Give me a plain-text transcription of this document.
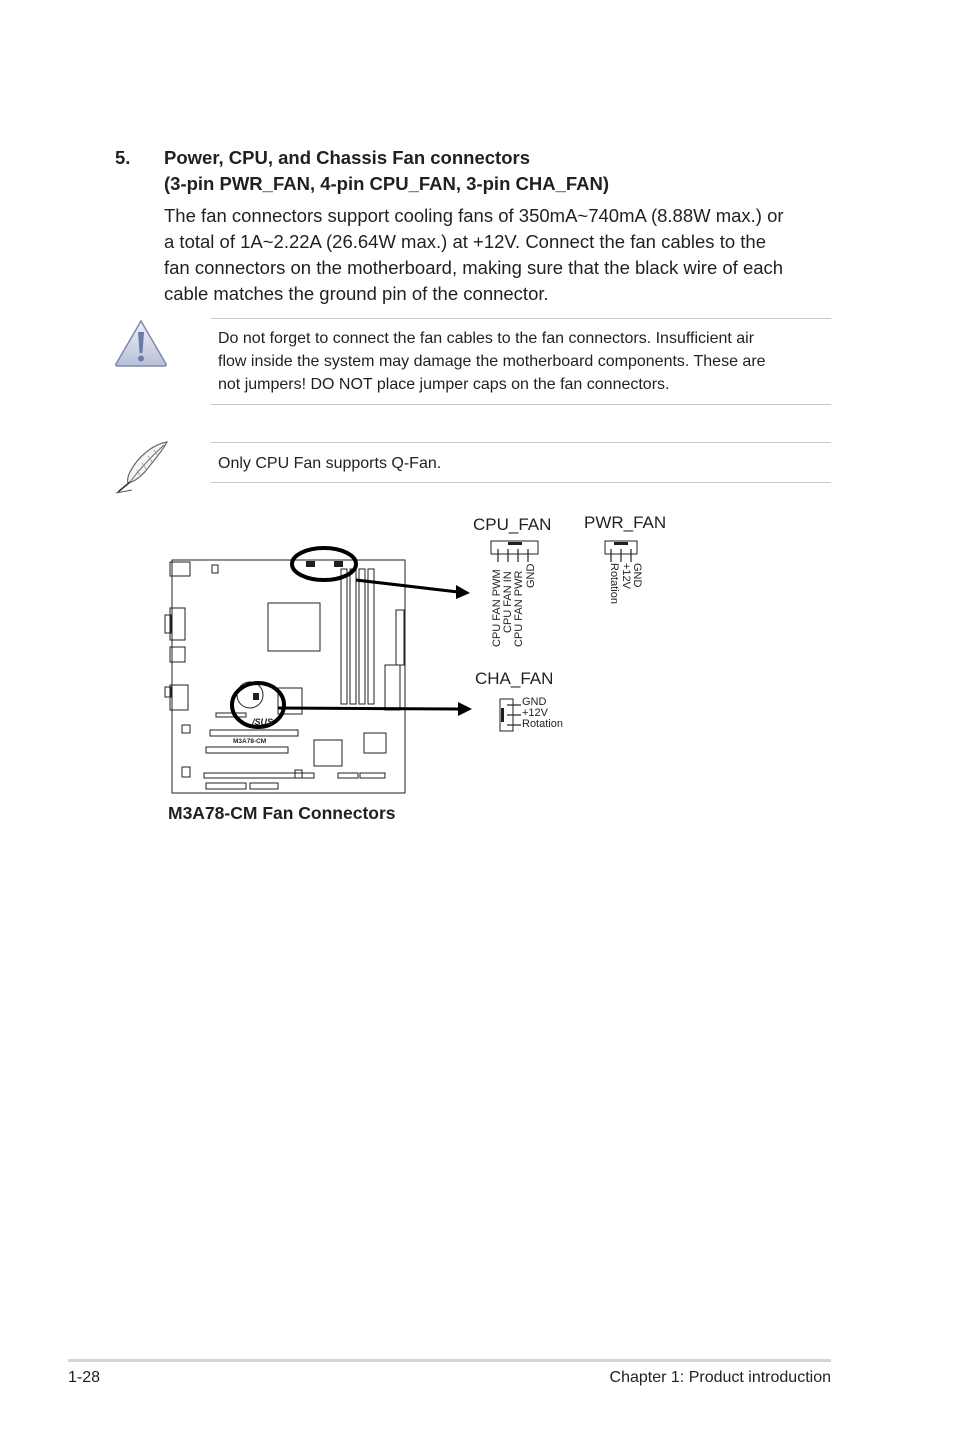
5. Power, CPU, and Chassis Fan connectors
(3-pin PWR_FAN, 4-pin CPU_FAN, 3-pin CHA_FAN)
The fan connectors support cooling fans of 350mA~740mA (8.88W max.) or
a total of 1A~2.22A (26.64W max.) at +12V. Connect the fan cables to the
fan connectors on the motherboard, making sure that the black wire of each
cable matches the ground pin of the connector.
Do not forget to connect the fan cables to the fan connectors. Insufficient air
flow inside the system may damage the motherboard components. These are
not jumpers! DO NOT place jumper caps on the fan connectors.
Only CPU Fan supports Q-Fan.
M3A78-CM
/SUS
CPU_FAN
CPU FAN PWM CPU FAN IN CPU FAN PWR GND
PWR_FAN
GND
+12V
Rotation
CHA_FAN
GND
+12V
Rotation
M3A78-CM Fan Connectors
1-28	Chapter 1: Product introduction
